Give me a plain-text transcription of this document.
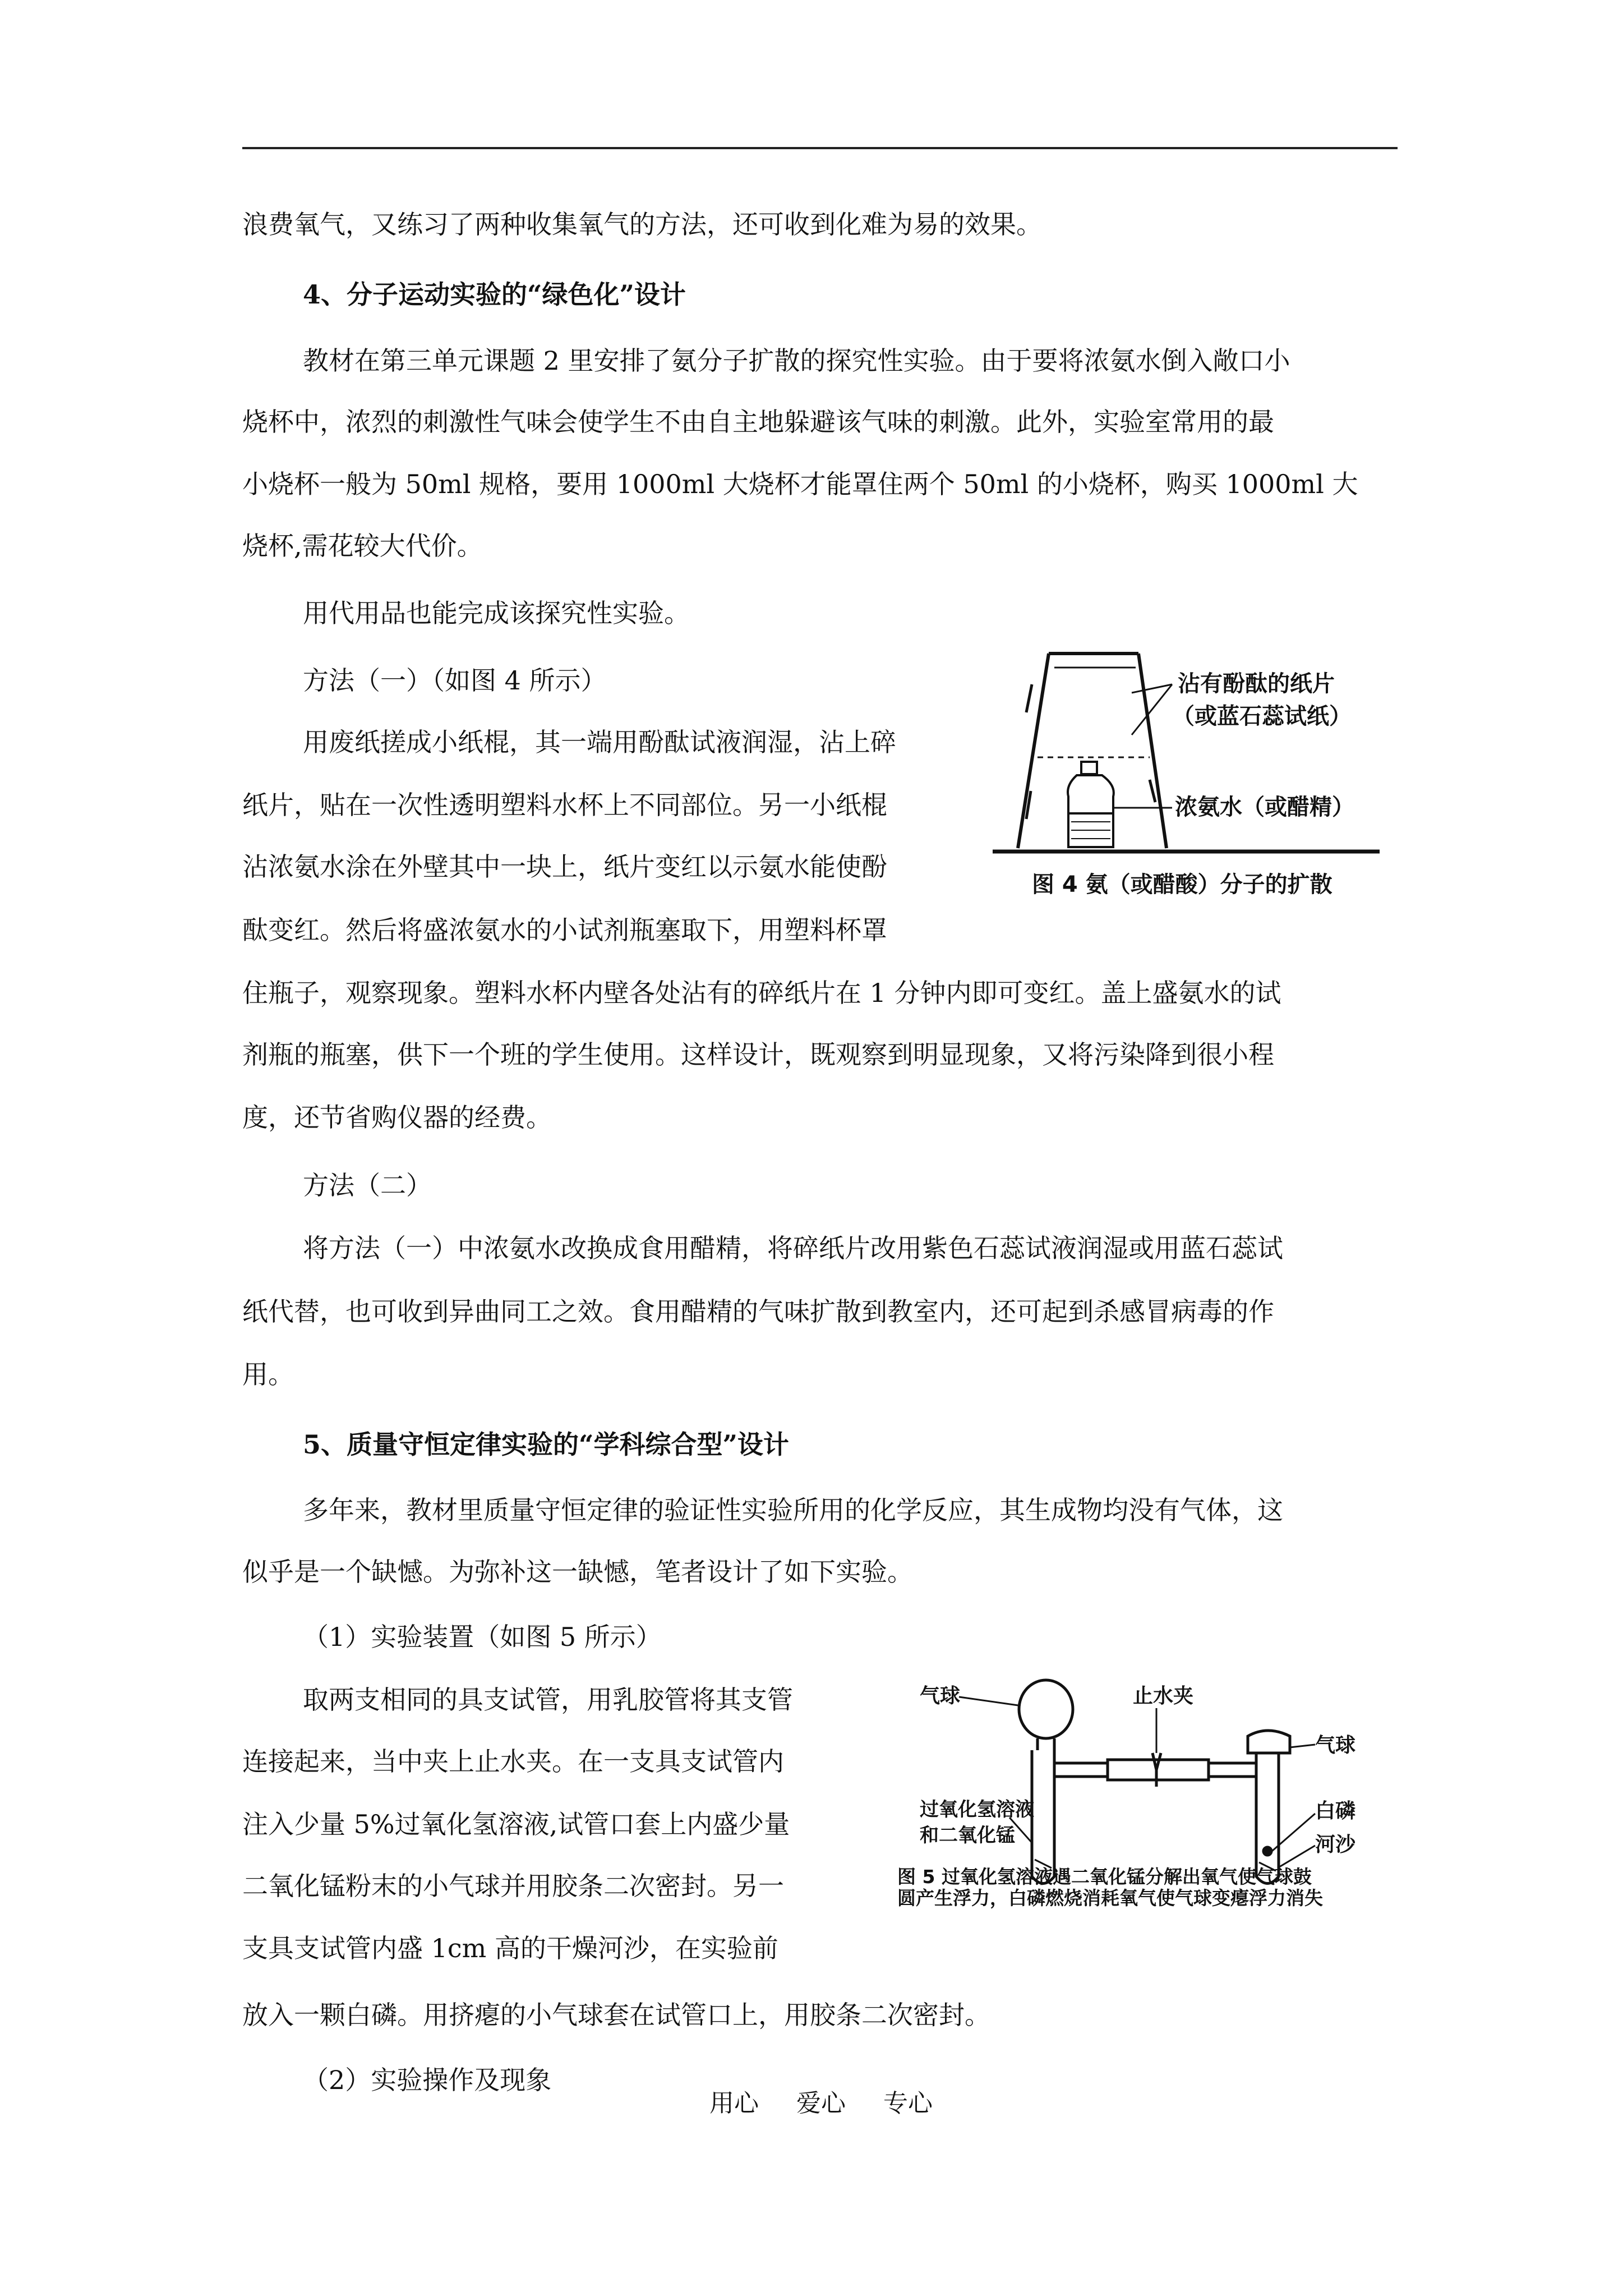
浪费氧气，又练习了两种收集氧气的方法，还可收到化难为易的效果。
4、分子运动实验的“绿色化”设计
教材在第三单元课题 2 里安排了氨分子扩散的探究性实验。由于要将浓氨水倒入敞口小
烧杯中，浓烈的刺激性气味会使学生不由自主地躲避该气味的刺激。此外，实验室常用的最
小烧杯一般为 50ml 规格，要用 1000ml 大烧杯才能罩住两个 50ml 的小烧杯，购买 1000ml 大
烧杯,需花较大代价。
用代用品也能完成该探究性实验。
方法（一）（如图 4 所示）
用废纸搓成小纸棍，其一端用酚酞试液润湿，沾上碎
纸片，贴在一次性透明塑料水杯上不同部位。另一小纸棍
沾浓氨水涂在外壁其中一块上，纸片变红以示氨水能使酚
酞变红。然后将盛浓氨水的小试剂瓶塞取下，用塑料杯罩
住瓶子，观察现象。塑料水杯内壁各处沾有的碎纸片在 1 分钟内即可变红。盖上盛氨水的试
剂瓶的瓶塞，供下一个班的学生使用。这样设计，既观察到明显现象，又将污染降到很小程
度，还节省购仪器的经费。
方法（二）
将方法（一）中浓氨水改换成食用醋精，将碎纸片改用紫色石蕊试液润湿或用蓝石蕊试
纸代替，也可收到异曲同工之效。食用醋精的气味扩散到教室内，还可起到杀感冒病毒的作
用。
5、质量守恒定律实验的“学科综合型”设计
多年来，教材里质量守恒定律的验证性实验所用的化学反应，其生成物均没有气体，这
似乎是一个缺憾。为弥补这一缺憾，笔者设计了如下实验。
（1）实验装置（如图 5 所示）
取两支相同的具支试管，用乳胶管将其支管
连接起来，当中夹上止水夹。在一支具支试管内
注入少量 5%过氧化氢溶液,试管口套上内盛少量
二氧化锰粉末的小气球并用胶条二次密封。另一
支具支试管内盛 1cm 高的干燥河沙，在实验前
放入一颗白磷。用挤瘪的小气球套在试管口上，用胶条二次密封。
（2）实验操作及现象
沾有酚酞的纸片
（或蓝石蕊试纸）
浓氨水（或醋精）
图 4 氨（或醋酸）分子的扩散
气球	止水夹
气球
白磷
河沙
过氧化氢溶液
和二氧化锰
图 5 过氧化氢溶液遇二氧化锰分解出氧气使气球鼓
圆产生浮力，白磷燃烧消耗氧气使气球变瘪浮力消失
用心 爱心 专心
